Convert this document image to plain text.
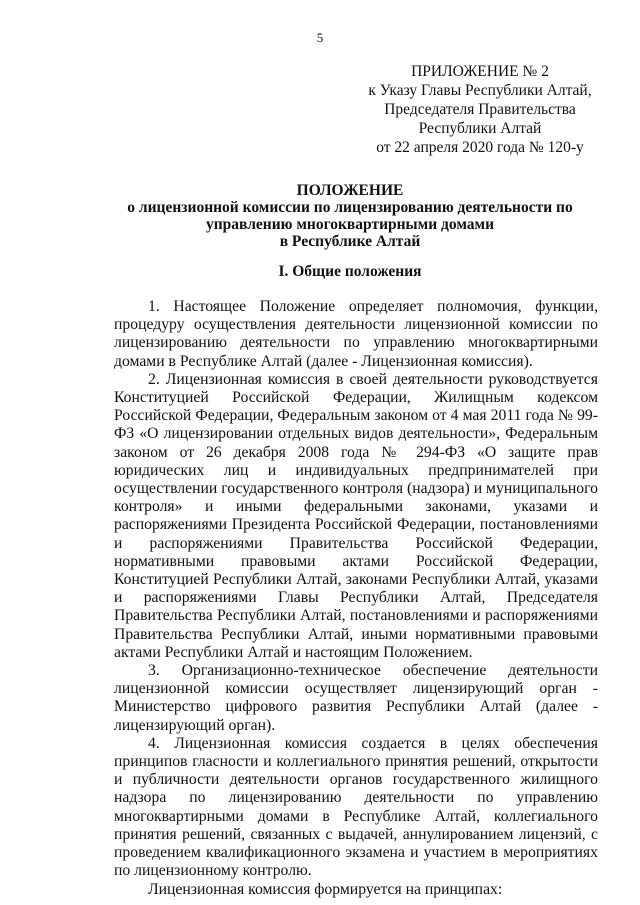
5
ПРИЛОЖЕНИЕ № 2
к Указу Главы Республики Алтай,
Председателя Правительства
Республики Алтай
от 22 апреля 2020 года № 120-у
ПОЛОЖЕНИЕ
о лицензионной комиссии по лицензированию деятельности по
управлению многоквартирными домами
в Республике Алтай
I. Общие положения

1. Настоящее Положение определяет полномочия, функции, процедуру осуществления деятельности лицензионной комиссии по лицензированию деятельности по управлению многоквартирными домами в Республике Алтай (далее - Лицензионная комиссия).

2. Лицензионная комиссия в своей деятельности руководствуется Конституцией Российской Федерации, Жилищным кодексом Российской Федерации, Федеральным законом от 4 мая 2011 года № 99-ФЗ «О лицензировании отдельных видов деятельности», Федеральным законом от 26 декабря 2008 года № 294-ФЗ «О защите прав юридических лиц и индивидуальных предпринимателей при осуществлении государственного контроля (надзора) и муниципального контроля» и иными федеральными законами, указами и распоряжениями Президента Российской Федерации, постановлениями и распоряжениями Правительства Российской Федерации, нормативными правовыми актами Российской Федерации, Конституцией Республики Алтай, законами Республики Алтай, указами и распоряжениями Главы Республики Алтай, Председателя Правительства Республики Алтай, постановлениями и распоряжениями Правительства Республики Алтай, иными нормативными правовыми актами Республики Алтай и настоящим Положением.

3. Организационно-техническое обеспечение деятельности лицензионной комиссии осуществляет лицензирующий орган - Министерство цифрового развития Республики Алтай (далее - лицензирующий орган).

4. Лицензионная комиссия создается в целях обеспечения принципов гласности и коллегиального принятия решений, открытости и публичности деятельности органов государственного жилищного надзора по лицензированию деятельности по управлению многоквартирными домами в Республике Алтай, коллегиального принятия решений, связанных с выдачей, аннулированием лицензий, с проведением квалификационного экзамена и участием в мероприятиях по лицензионному контролю.

Лицензионная комиссия формируется на принципах:
